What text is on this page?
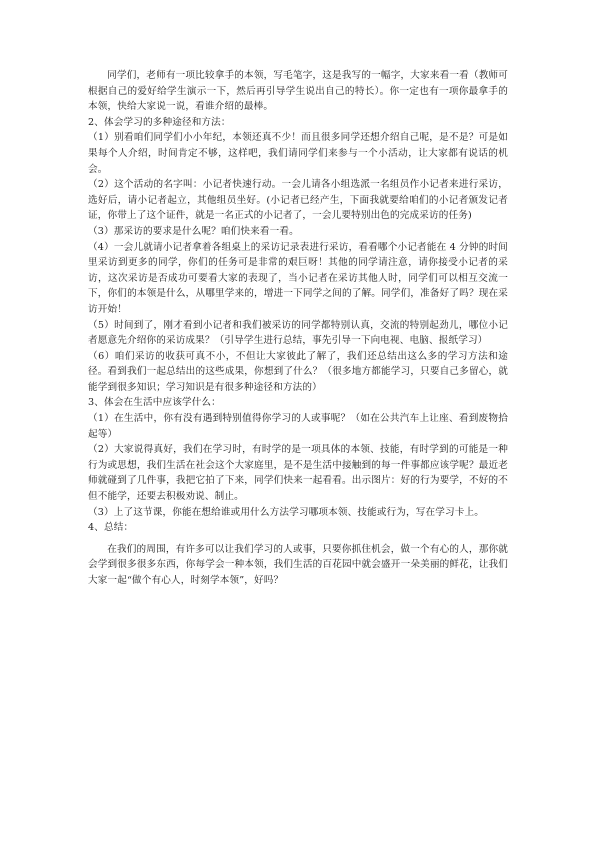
同学们，老师有一项比较拿手的本领，写毛笔字，这是我写的一幅字，大家来看一看（教师可根据自己的爱好给学生演示一下，然后再引导学生说出自己的特长）。你一定也有一项你最拿手的本领，快给大家说一说，看谁介绍的最棒。

2、体会学习的多种途径和方法：

（1）别看咱们同学们小小年纪，本领还真不少！而且很多同学还想介绍自己呢，是不是？可是如果每个人介绍，时间肯定不够，这样吧，我们请同学们来参与一个小活动，让大家都有说话的机会。

（2）这个活动的名字叫：小记者快速行动。一会儿请各小组选派一名组员作小记者来进行采访，选好后，请小记者起立，其他组员坐好。(小记者已经产生，下面我就要给咱们的小记者颁发记者证，你带上了这个证件，就是一名正式的小记者了，一会儿要特别出色的完成采访的任务)

（3）那采访的要求是什么呢？咱们快来看一看。

（4）一会儿就请小记者拿着各组桌上的采访记录表进行采访，看看哪个小记者能在 4 分钟的时间里采访到更多的同学，你们的任务可是非常的艰巨呀！其他的同学请注意，请你接受小记者的采访，这次采访是否成功可要看大家的表现了，当小记者在采访其他人时，同学们可以相互交流一下，你们的本领是什么，从哪里学来的，增进一下同学之间的了解。同学们，准备好了吗？现在采访开始！

（5）时间到了，刚才看到小记者和我们被采访的同学都特别认真，交流的特别起劲儿，哪位小记者愿意先介绍你的采访成果？（引导学生进行总结，事先引导一下向电视、电脑、报纸学习）

（6）咱们采访的收获可真不小，不但让大家彼此了解了，我们还总结出这么多的学习方法和途径。看到我们一起总结出的这些成果，你想到了什么？（很多地方都能学习，只要自己多留心，就能学到很多知识；学习知识是有很多种途径和方法的）

3、体会在生活中应该学什么：

（1）在生活中，你有没有遇到特别值得你学习的人或事呢？（如在公共汽车上让座、看到废物拾起等）

（2）大家说得真好，我们在学习时，有时学的是一项具体的本领、技能，有时学到的可能是一种行为或思想，我们生活在社会这个大家庭里，是不是生活中接触到的每一件事都应该学呢？最近老师就碰到了几件事，我把它拍了下来，同学们快来一起看看。出示图片：好的行为要学，不好的不但不能学，还要去积极劝说、制止。

（3）上了这节课，你能在想给谁或用什么方法学习哪项本领、技能或行为，写在学习卡上。

4、总结：

在我们的周围，有许多可以让我们学习的人或事，只要你抓住机会，做一个有心的人，那你就会学到很多很多东西，你每学会一种本领，我们生活的百花园中就会盛开一朵美丽的鲜花，让我们大家一起“做个有心人，时刻学本领”，好吗？
